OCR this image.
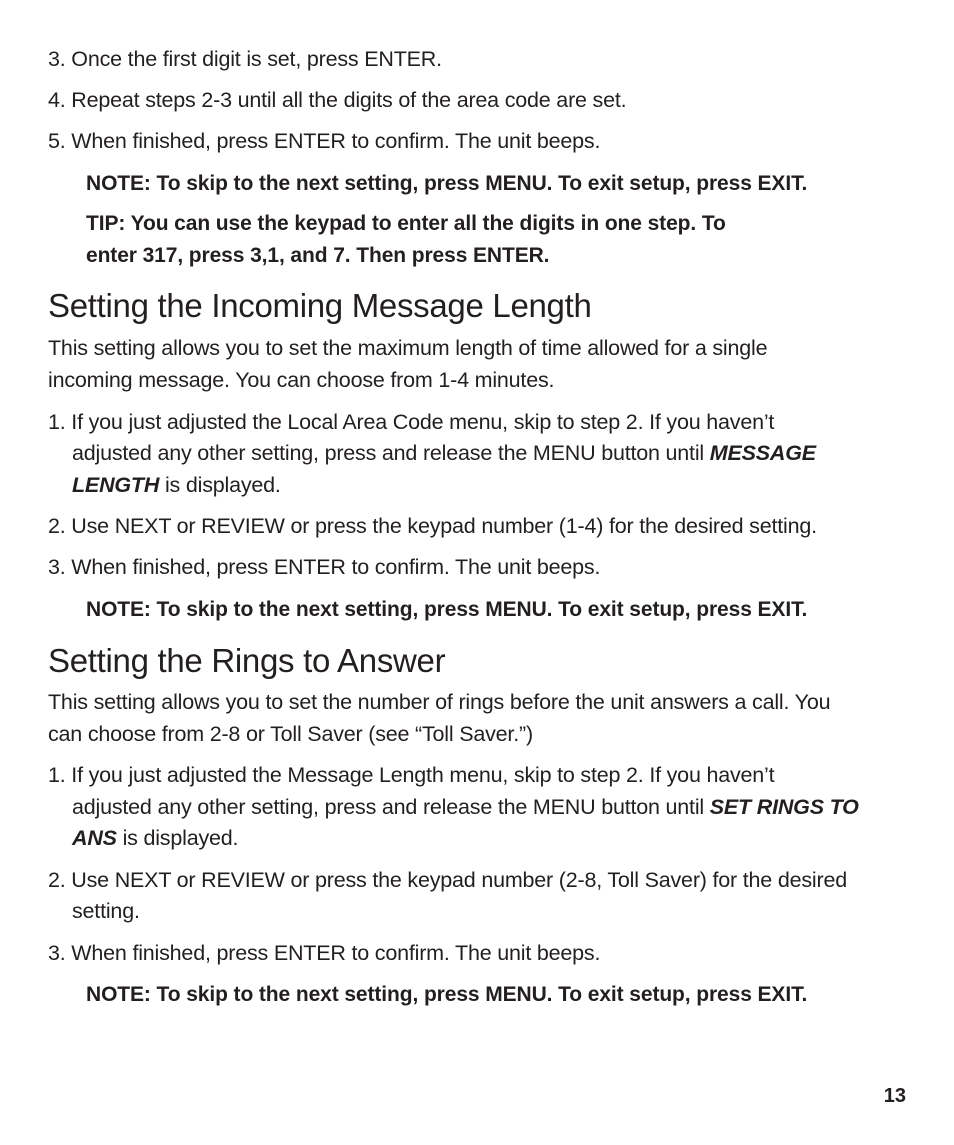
3. Once the first digit is set, press ENTER.
4. Repeat steps 2-3 until all the digits of the area code are set.
5. When finished, press ENTER to confirm. The unit beeps.
NOTE: To skip to the next setting, press MENU. To exit setup, press EXIT.
TIP: You can use the keypad to enter all the digits in one step. To
enter 317, press 3,1, and 7. Then press ENTER.
Setting the Incoming Message Length
This setting allows you to set the maximum length of time allowed for a single
incoming message. You can choose from 1-4 minutes.
1. If you just adjusted the Local Area Code menu, skip to step 2. If you haven’t
adjusted any other setting, press and release the MENU button until MESSAGE
LENGTH is displayed.
2. Use NEXT or REVIEW or press the keypad number (1-4) for the desired setting.
3. When finished, press ENTER to confirm. The unit beeps.
NOTE: To skip to the next setting, press MENU. To exit setup, press EXIT.
Setting the Rings to Answer
This setting allows you to set the number of rings before the unit answers a call. You
can choose from 2-8 or Toll Saver (see “Toll Saver.”)
1. If you just adjusted the Message Length menu, skip to step 2. If you haven’t
adjusted any other setting, press and release the MENU button until SET RINGS TO
ANS is displayed.
2. Use NEXT or REVIEW or press the keypad number (2-8, Toll Saver) for the desired
setting.
3. When finished, press ENTER to confirm. The unit beeps.
NOTE: To skip to the next setting, press MENU. To exit setup, press EXIT.
13
